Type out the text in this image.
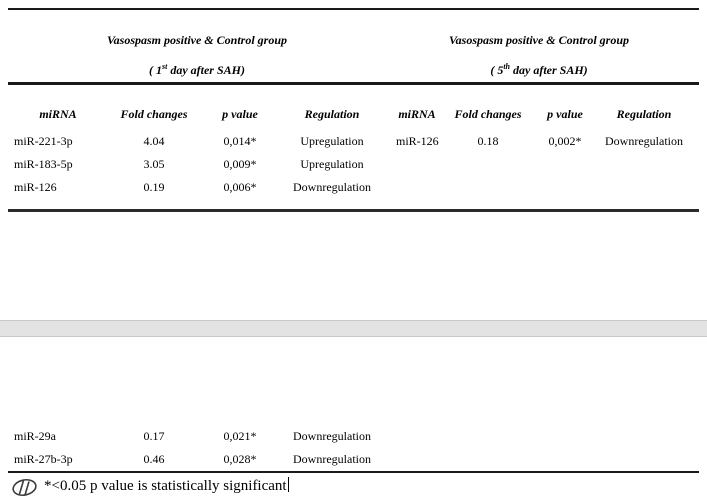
Vasospasm positive & Control group
( 1st day after SAH)
Vasospasm positive & Control group
( 5th day after SAH)
miRNA	Fold changes	p value	Regulation	miRNA	Fold changes	p value	Regulation
miR-221-3p	4.04	0,014*	Upregulation	miR-126	0.18	0,002*	Downregulation
miR-183-5p	3.05	0,009*	Upregulation
miR-126	0.19	0,006*	Downregulation
miR-29a	0.17	0,021*	Downregulation
miR-27b-3p	0.46	0,028*	Downregulation
*<0.05 p value is statistically significant
